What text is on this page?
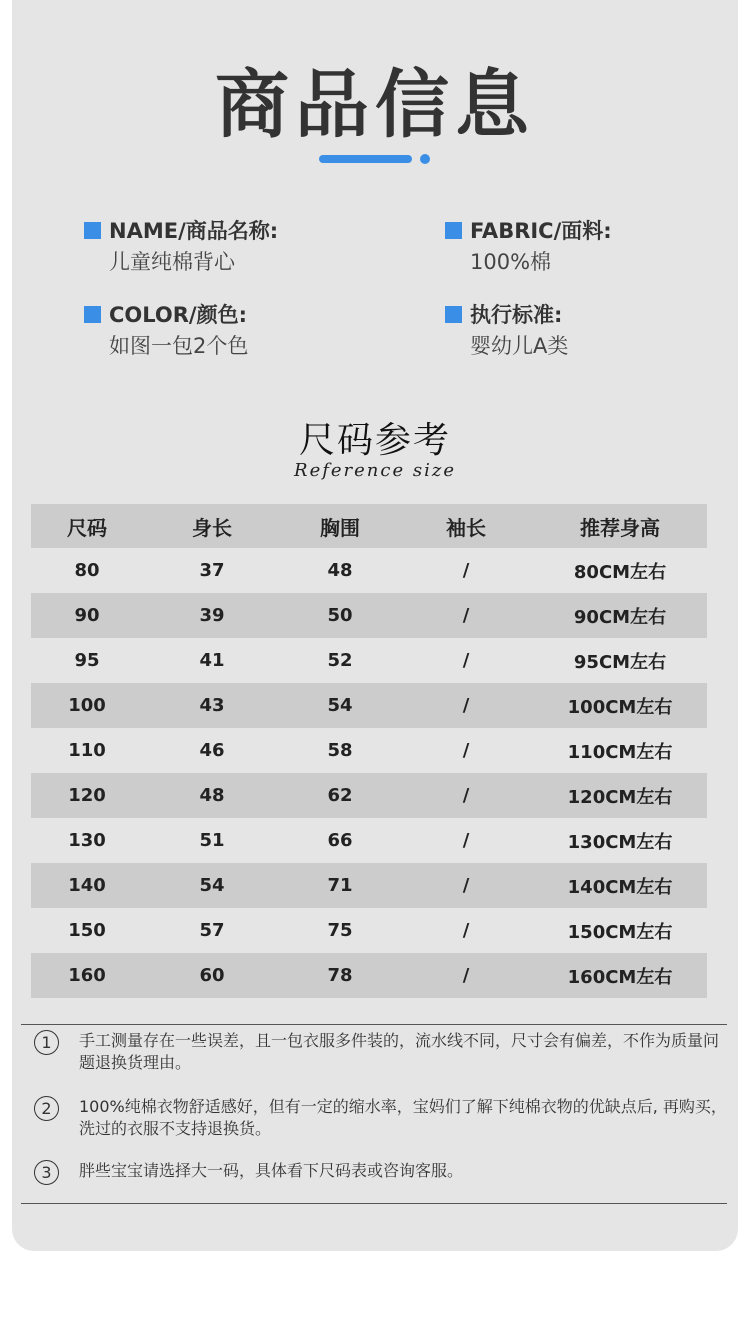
商品信息
NAME/商品名称:
儿童纯棉背心
FABRIC/面料:
100%棉
COLOR/颜色:
如图一包2个色
执行标准:
婴幼儿A类
尺码参考
Reference size
尺码	身长	胸围	袖长	推荐身高
80	37	48	/	80CM左右
90	39	50	/	90CM左右
95	41	52	/	95CM左右
100	43	54	/	100CM左右
110	46	58	/	110CM左右
120	48	62	/	120CM左右
130	51	66	/	130CM左右
140	54	71	/	140CM左右
150	57	75	/	150CM左右
160	60	78	/	160CM左右
1	手工测量存在一些误差，且一包衣服多件装的，流水线不同，尺寸会有偏差，不作为质量问题退换货理由。
2	100%纯棉衣物舒适感好，但有一定的缩水率，宝妈们了解下纯棉衣物的优缺点后, 再购买，洗过的衣服不支持退换货。
3	胖些宝宝请选择大一码，具体看下尺码表或咨询客服。
